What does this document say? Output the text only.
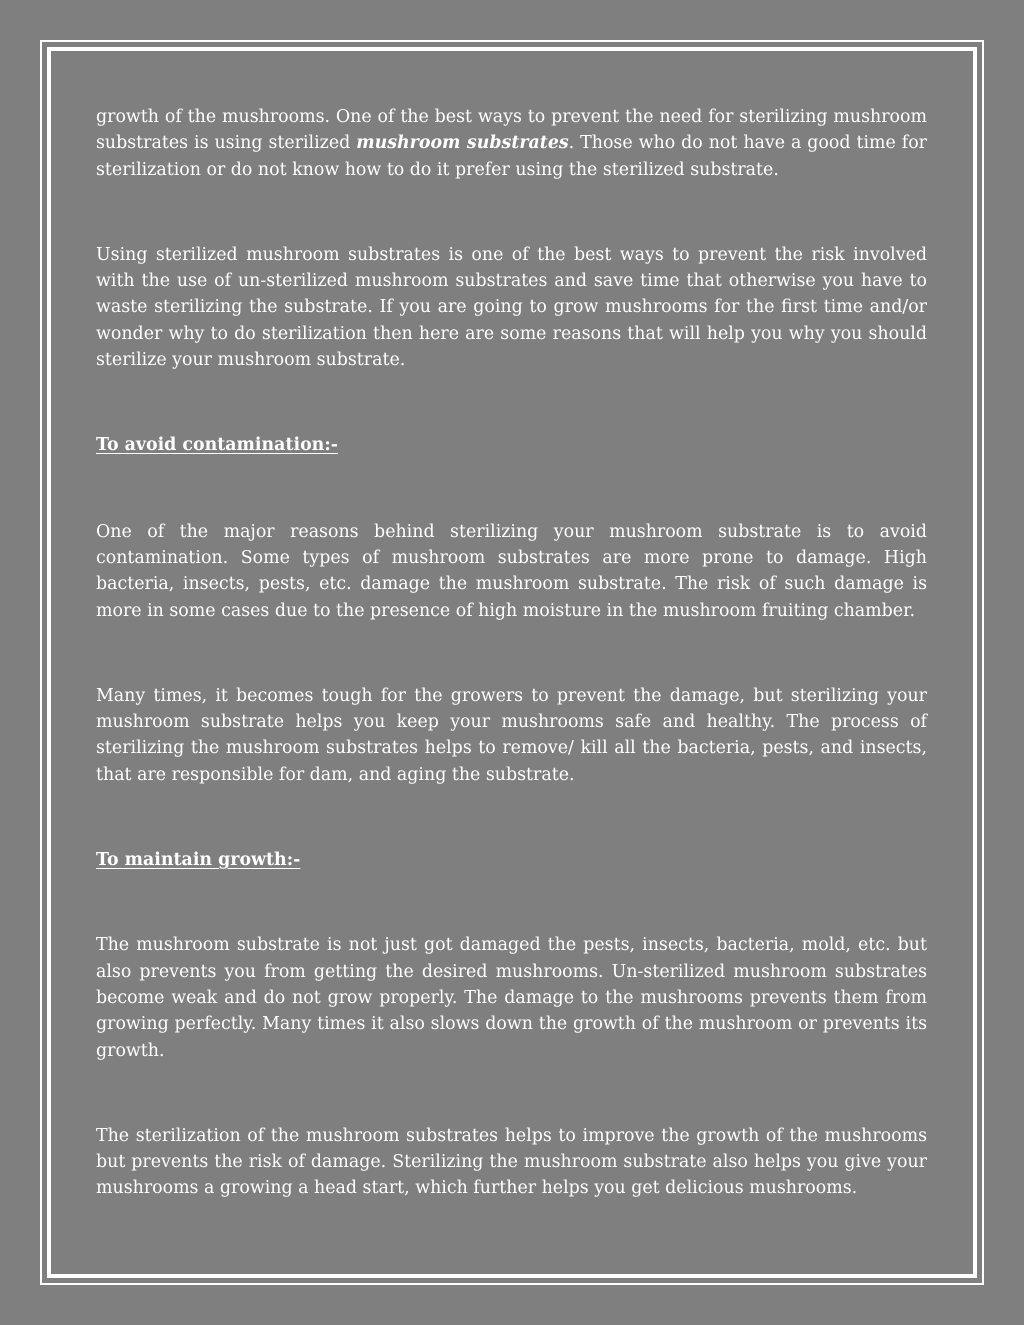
growth of the mushrooms. One of the best ways to prevent the need for sterilizing mushroom substrates is using sterilized mushroom substrates. Those who do not have a good time for sterilization or do not know how to do it prefer using the sterilized substrate.

Using sterilized mushroom substrates is one of the best ways to prevent the risk involved with the use of un-sterilized mushroom substrates and save time that otherwise you have to waste sterilizing the substrate. If you are going to grow mushrooms for the first time and/or wonder why to do sterilization then here are some reasons that will help you why you should sterilize your mushroom substrate.

To avoid contamination:-

One of the major reasons behind sterilizing your mushroom substrate is to avoid contamination. Some types of mushroom substrates are more prone to damage. High bacteria, insects, pests, etc. damage the mushroom substrate. The risk of such damage is more in some cases due to the presence of high moisture in the mushroom fruiting chamber.

Many times, it becomes tough for the growers to prevent the damage, but sterilizing your mushroom substrate helps you keep your mushrooms safe and healthy. The process of sterilizing the mushroom substrates helps to remove/ kill all the bacteria, pests, and insects, that are responsible for dam, and aging the substrate.

To maintain growth:-

The mushroom substrate is not just got damaged the pests, insects, bacteria, mold, etc. but also prevents you from getting the desired mushrooms. Un-sterilized mushroom substrates become weak and do not grow properly. The damage to the mushrooms prevents them from growing perfectly. Many times it also slows down the growth of the mushroom or prevents its growth.

The sterilization of the mushroom substrates helps to improve the growth of the mushrooms but prevents the risk of damage. Sterilizing the mushroom substrate also helps you give your mushrooms a growing a head start, which further helps you get delicious mushrooms.
